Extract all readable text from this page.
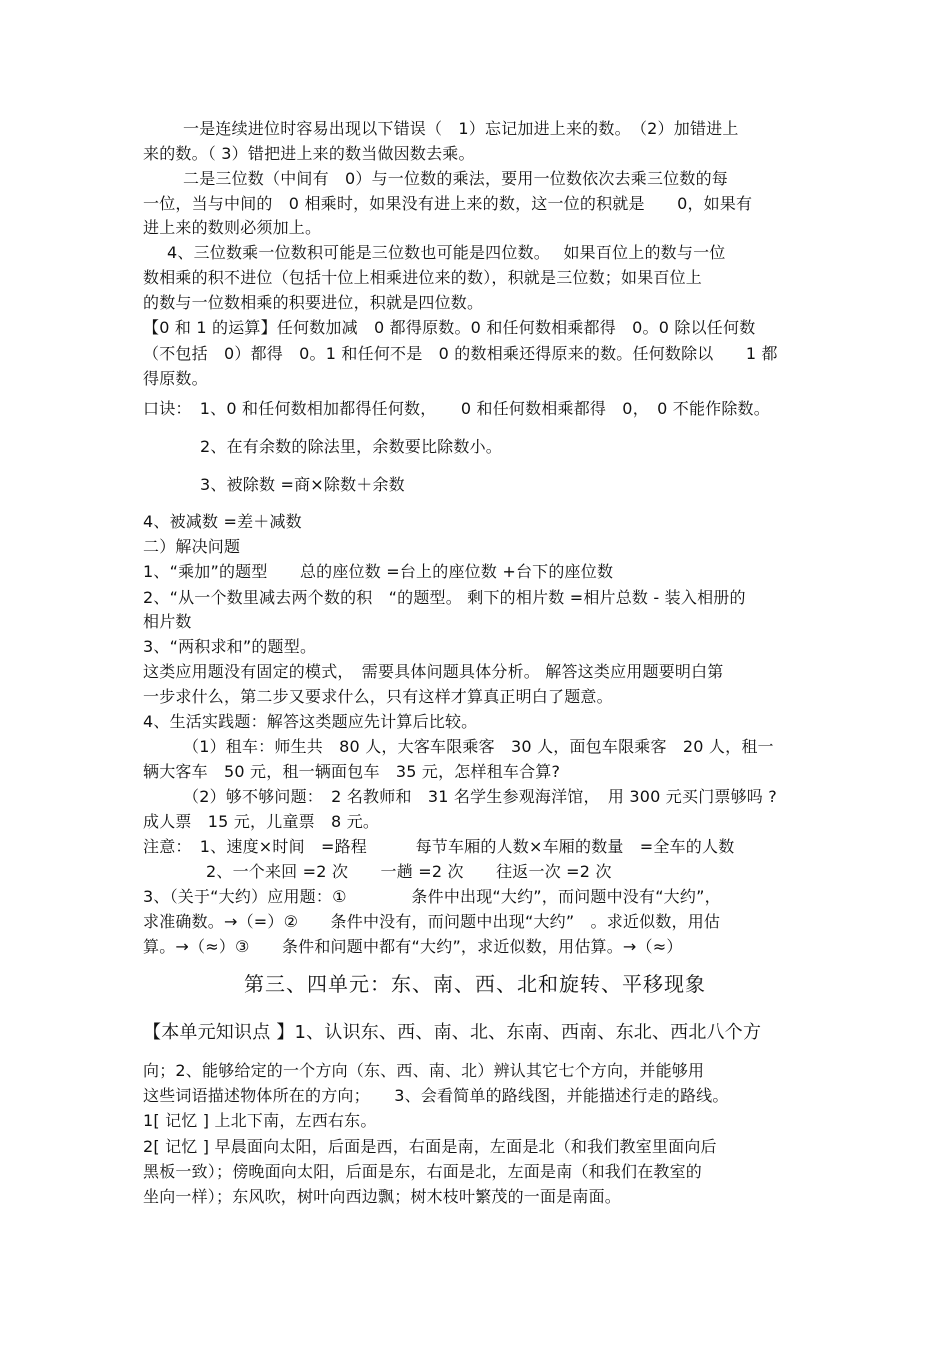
一是连续进位时容易出现以下错误（　1）忘记加进上来的数。　（2）加错进上
来的数。（ 3）错把进上来的数当做因数去乘。
二是三位数（中间有　0）与一位数的乘法，要用一位数依次去乘三位数的每
一位，当与中间的　0 相乘时，如果没有进上来的数，这一位的积就是　　0，如果有
进上来的数则必须加上。
4、三位数乘一位数积可能是三位数也可能是四位数。　 如果百位上的数与一位
数相乘的积不进位（包括十位上相乘进位来的数），积就是三位数；如果百位上
的数与一位数相乘的积要进位，积就是四位数。
【0 和 1 的运算】任何数加减　0 都得原数。0 和任何数相乘都得　0。0 除以任何数
（不包括　0）都得　0。1 和任何不是　0 的数相乘还得原来的数。任何数除以　　1 都
得原数。
口诀：　1、0 和任何数相加都得任何数，　　0 和任何数相乘都得　0，　0 不能作除数。
2、在有余数的除法里，余数要比除数小。
3、被除数 =商×除数＋余数
4、被减数 =差＋减数
二）解决问题
1、“乘加”的题型　　总的座位数 =台上的座位数 +台下的座位数
2、“从一个数里减去两个数的积　“的题型。 剩下的相片数 =相片总数 - 装入相册的
相片数
3、“两积求和”的题型。
这类应用题没有固定的模式，　需要具体问题具体分析。 解答这类应用题要明白第
一步求什么，第二步又要求什么，只有这样才算真正明白了题意。
4、生活实践题：解答这类题应先计算后比较。
（1）租车：师生共　80 人，大客车限乘客　30 人，面包车限乘客　20 人，租一
辆大客车　50 元，租一辆面包车　35 元，怎样租车合算?
（2）够不够问题：　2 名教师和　31 名学生参观海洋馆，　用 300 元买门票够吗 ?
成人票　15 元，儿童票　8 元。
注意：　1、速度×时间　=路程　　　每节车厢的人数×车厢的数量　=全车的人数
2、一个来回 =2 次　　一趟 =2 次　　往返一次 =2 次
3、（关于“大约）应用题：①　　　　条件中出现“大约”，而问题中没有“大约”，
求准确数。→（=）②　　条件中没有，而问题中出现“大约”　。求近似数，用估
算。→（≈）③　　条件和问题中都有“大约”，求近似数，用估算。→（≈）
第三、四单元：东、南、西、北和旋转、平移现象
【本单元知识点 】1、认识东、西、南、北、东南、西南、东北、西北八个方
向；2、能够给定的一个方向（东、西、南、北）辨认其它七个方向，并能够用
这些词语描述物体所在的方向；　　3、会看简单的路线图，并能描述行走的路线。
1[ 记忆 ] 上北下南，左西右东。
2[ 记忆 ] 早晨面向太阳，后面是西，右面是南，左面是北（和我们教室里面向后
黑板一致）；傍晚面向太阳，后面是东，右面是北，左面是南（和我们在教室的
坐向一样）；东风吹，树叶向西边飘；树木枝叶繁茂的一面是南面。
